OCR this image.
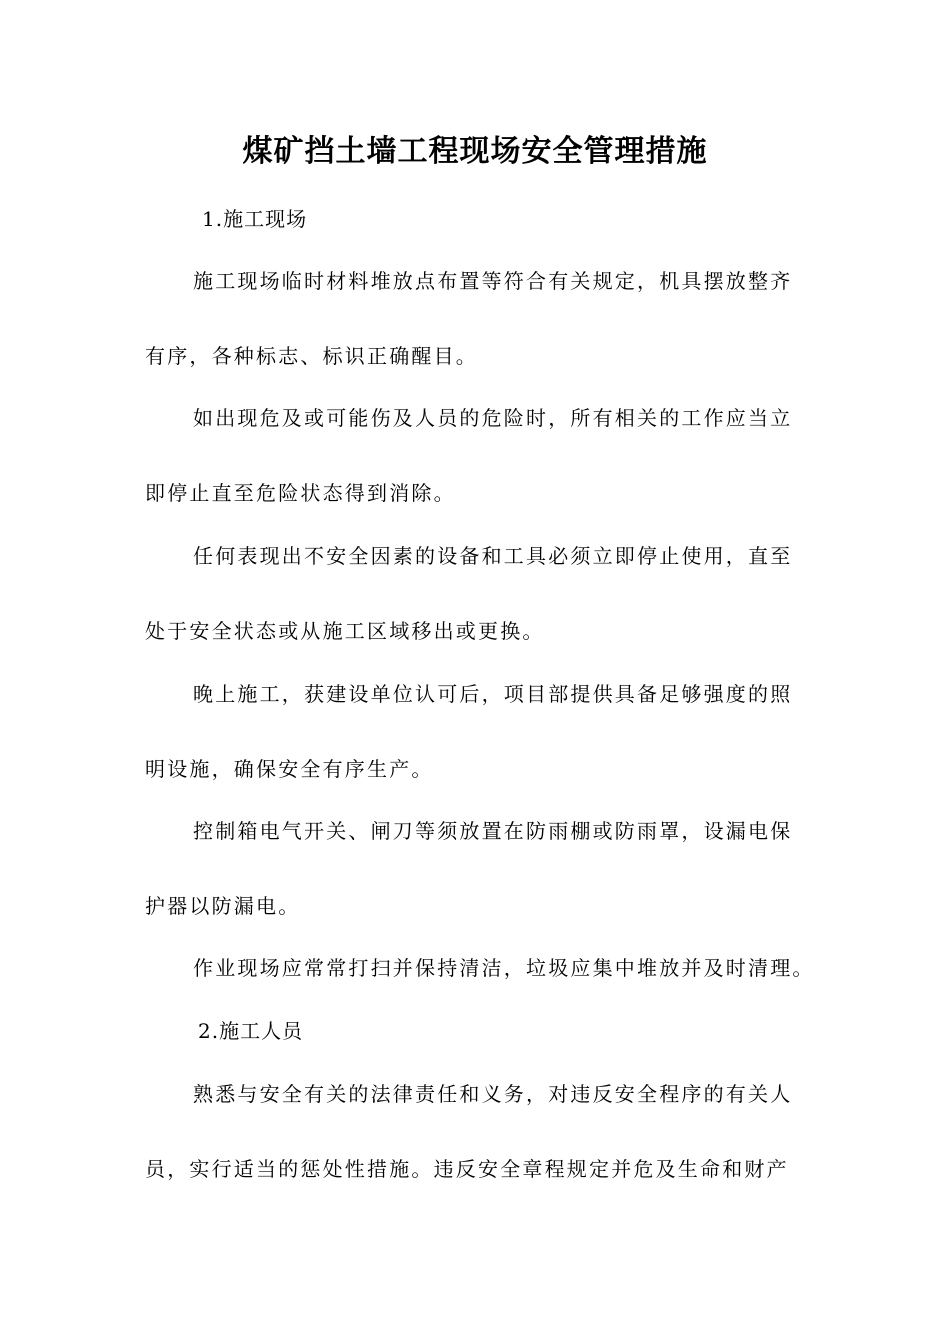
煤矿挡土墙工程现场安全管理措施
1.施工现场
施工现场临时材料堆放点布置等符合有关规定，机具摆放整齐
有序，各种标志、标识正确醒目。
如出现危及或可能伤及人员的危险时，所有相关的工作应当立
即停止直至危险状态得到消除。
任何表现出不安全因素的设备和工具必须立即停止使用，直至
处于安全状态或从施工区域移出或更换。
晚上施工，获建设单位认可后，项目部提供具备足够强度的照
明设施，确保安全有序生产。
控制箱电气开关、闸刀等须放置在防雨棚或防雨罩，设漏电保
护器以防漏电。
作业现场应常常打扫并保持清洁，垃圾应集中堆放并及时清理。
2.施工人员
熟悉与安全有关的法律责任和义务，对违反安全程序的有关人
员，实行适当的惩处性措施。违反安全章程规定并危及生命和财产
